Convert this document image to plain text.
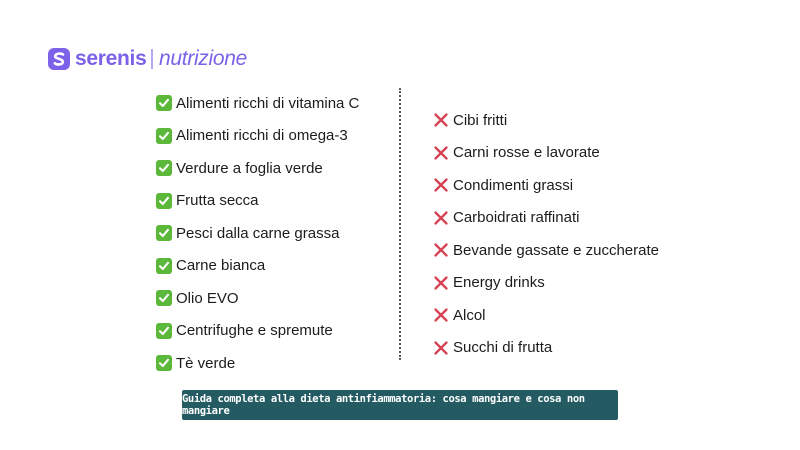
serenis nutrizione
Alimenti ricchi di vitamina C
Alimenti ricchi di omega-3
Verdure a foglia verde
Frutta secca
Pesci dalla carne grassa
Carne bianca
Olio EVO
Centrifughe e spremute
Tè verde
Cibi fritti
Carni rosse e lavorate
Condimenti grassi
Carboidrati raffinati
Bevande gassate e zuccherate
Energy drinks
Alcol
Succhi di frutta
Guida completa alla dieta antinfiammatoria: cosa mangiare e cosa non mangiare
